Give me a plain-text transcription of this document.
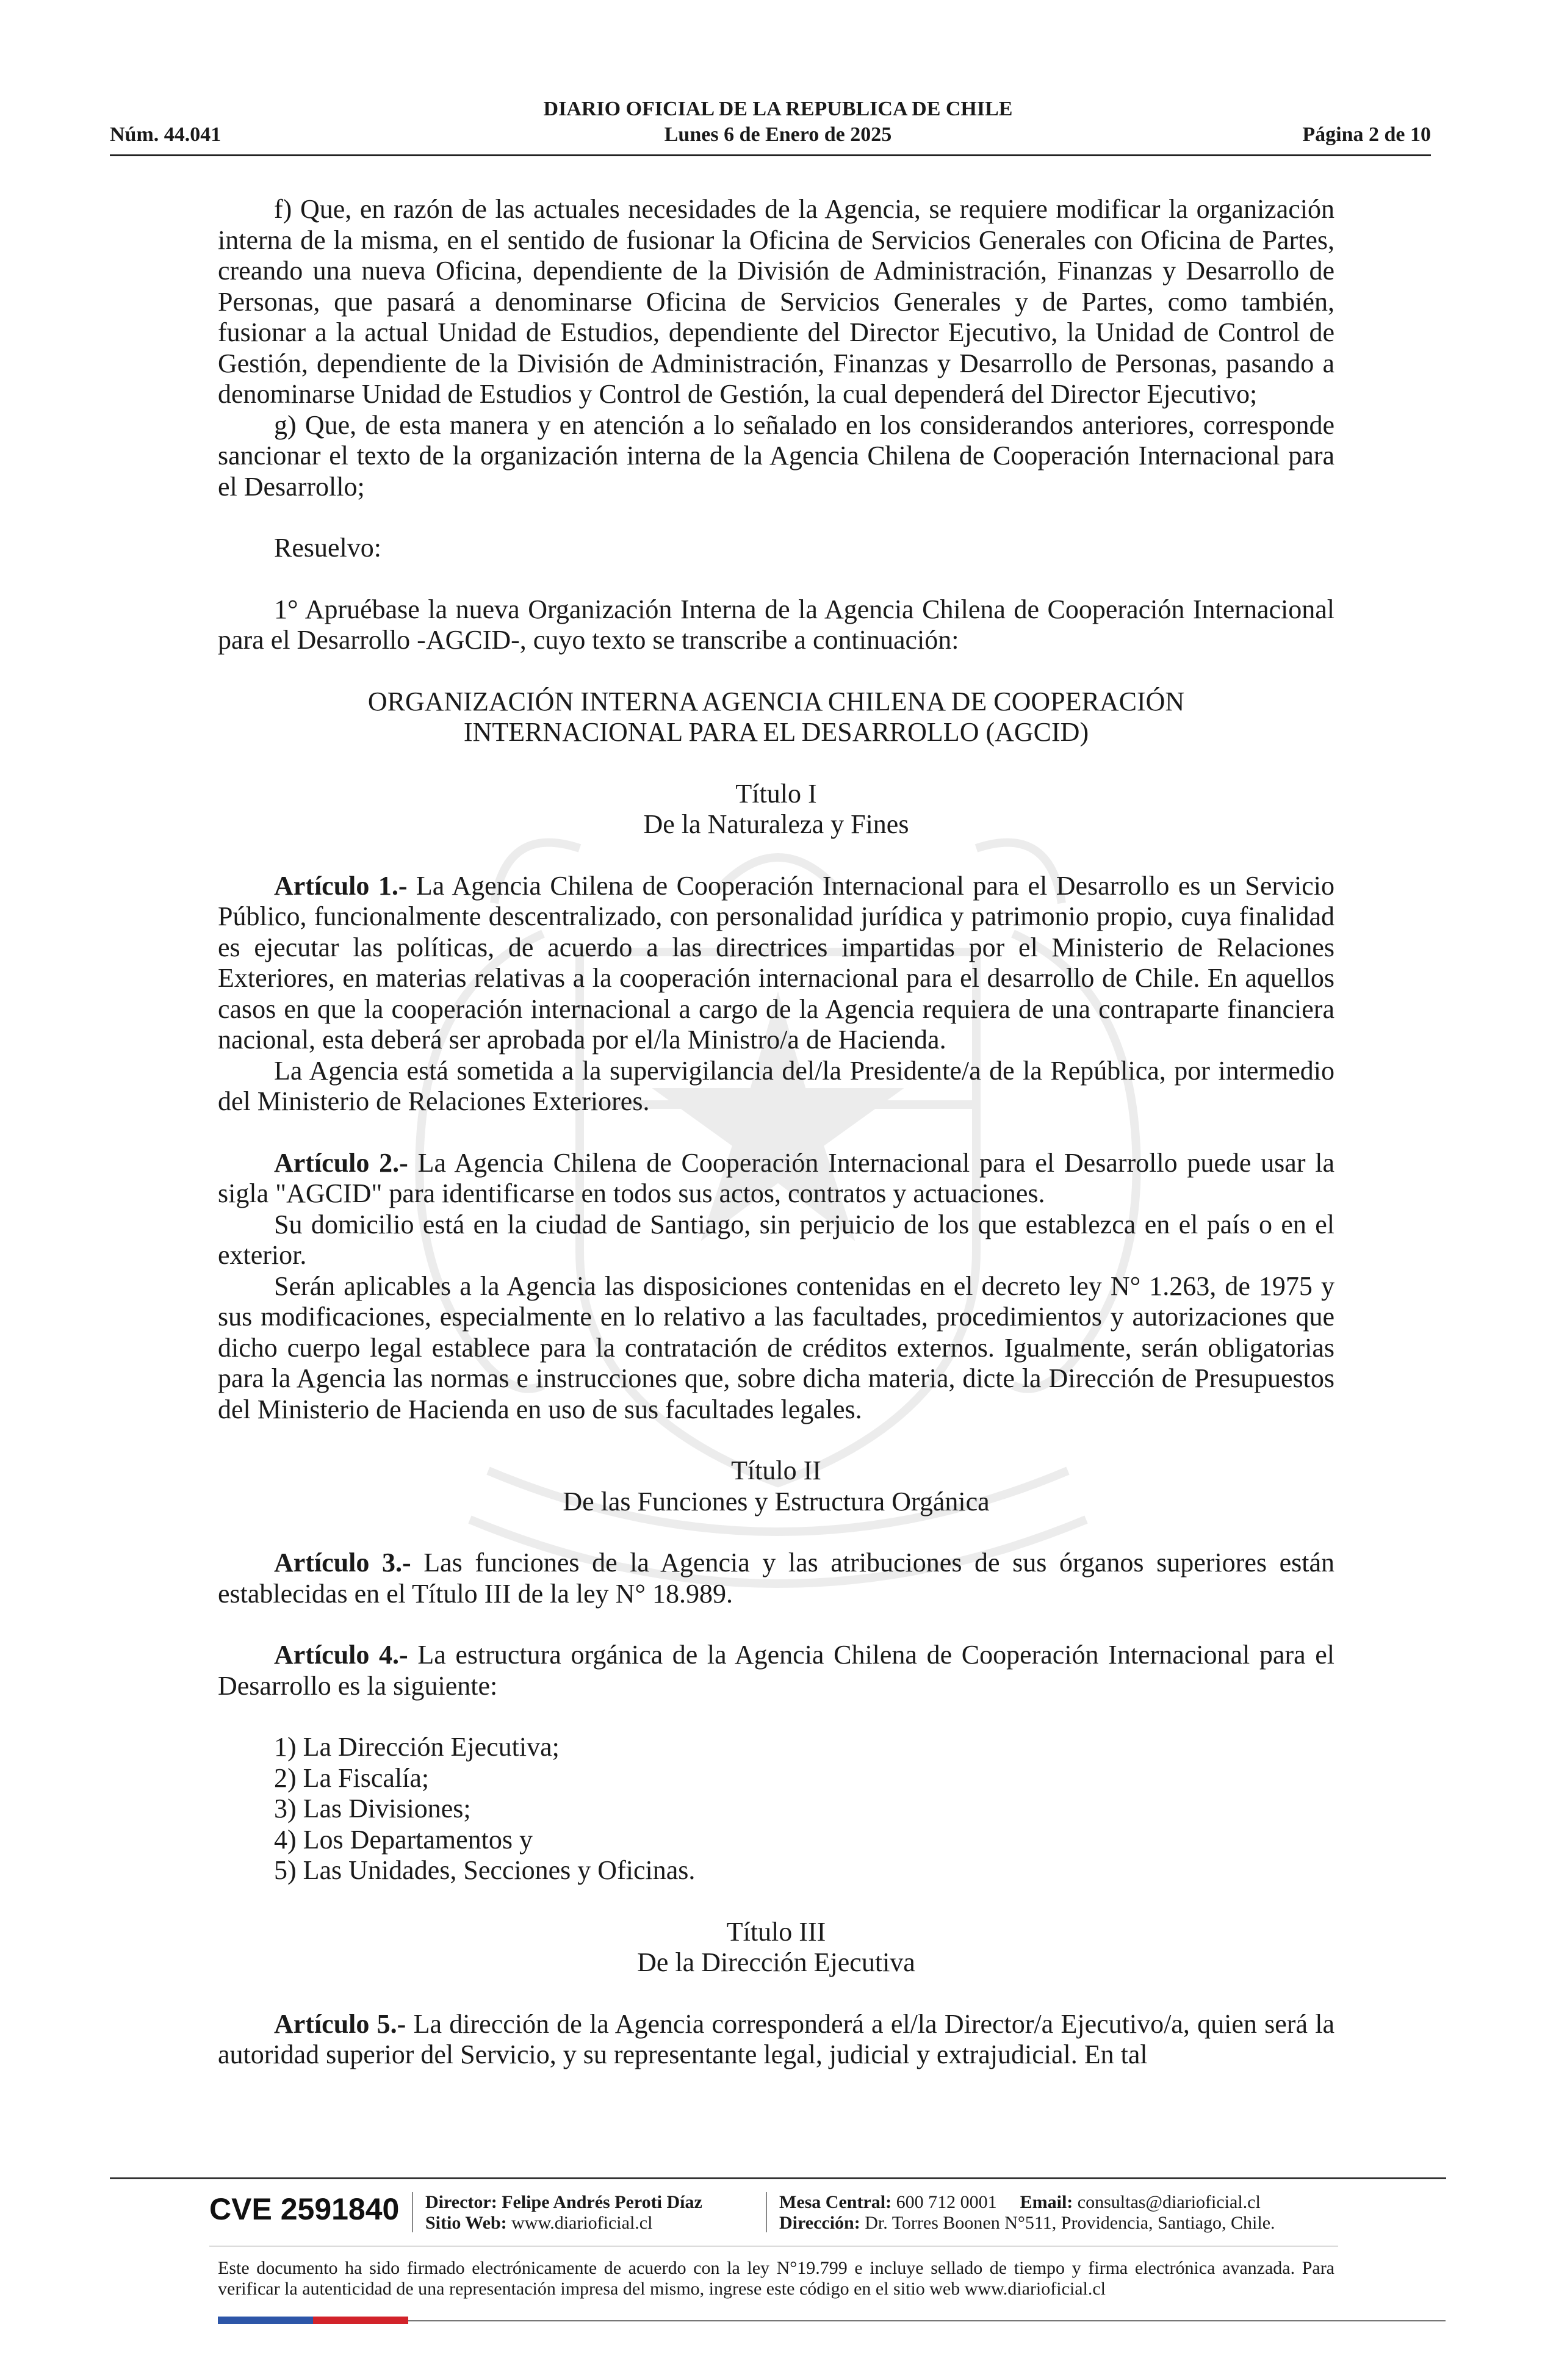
DIARIO OFICIAL DE LA REPUBLICA DE CHILE
Lunes 6 de Enero de 2025
Núm. 44.041	Página 2 de 10

f) Que, en razón de las actuales necesidades de la Agencia, se requiere modificar la organización interna de la misma, en el sentido de fusionar la Oficina de Servicios Generales con Oficina de Partes, creando una nueva Oficina, dependiente de la División de Administración, Finanzas y Desarrollo de Personas, que pasará a denominarse Oficina de Servicios Generales y de Partes, como también, fusionar a la actual Unidad de Estudios, dependiente del Director Ejecutivo, la Unidad de Control de Gestión, dependiente de la División de Administración, Finanzas y Desarrollo de Personas, pasando a denominarse Unidad de Estudios y Control de Gestión, la cual dependerá del Director Ejecutivo;

g) Que, de esta manera y en atención a lo señalado en los considerandos anteriores, corresponde sancionar el texto de la organización interna de la Agencia Chilena de Cooperación Internacional para el Desarrollo;

Resuelvo:

1° Apruébase la nueva Organización Interna de la Agencia Chilena de Cooperación Internacional para el Desarrollo -AGCID-, cuyo texto se transcribe a continuación:

ORGANIZACIÓN INTERNA AGENCIA CHILENA DE COOPERACIÓN

INTERNACIONAL PARA EL DESARROLLO (AGCID)

Título I

De la Naturaleza y Fines

Artículo 1.- La Agencia Chilena de Cooperación Internacional para el Desarrollo es un Servicio Público, funcionalmente descentralizado, con personalidad jurídica y patrimonio propio, cuya finalidad es ejecutar las políticas, de acuerdo a las directrices impartidas por el Ministerio de Relaciones Exteriores, en materias relativas a la cooperación internacional para el desarrollo de Chile. En aquellos casos en que la cooperación internacional a cargo de la Agencia requiera de una contraparte financiera nacional, esta deberá ser aprobada por el/la Ministro/a de Hacienda.

La Agencia está sometida a la supervigilancia del/la Presidente/a de la República, por intermedio del Ministerio de Relaciones Exteriores.

Artículo 2.- La Agencia Chilena de Cooperación Internacional para el Desarrollo puede usar la sigla "AGCID" para identificarse en todos sus actos, contratos y actuaciones.

Su domicilio está en la ciudad de Santiago, sin perjuicio de los que establezca en el país o en el exterior.

Serán aplicables a la Agencia las disposiciones contenidas en el decreto ley N° 1.263, de 1975 y sus modificaciones, especialmente en lo relativo a las facultades, procedimientos y autorizaciones que dicho cuerpo legal establece para la contratación de créditos externos. Igualmente, serán obligatorias para la Agencia las normas e instrucciones que, sobre dicha materia, dicte la Dirección de Presupuestos del Ministerio de Hacienda en uso de sus facultades legales.

Título II

De las Funciones y Estructura Orgánica

Artículo 3.- Las funciones de la Agencia y las atribuciones de sus órganos superiores están establecidas en el Título III de la ley N° 18.989.

Artículo 4.- La estructura orgánica de la Agencia Chilena de Cooperación Internacional para el Desarrollo es la siguiente:

1) La Dirección Ejecutiva;

2) La Fiscalía;

3) Las Divisiones;

4) Los Departamentos y

5) Las Unidades, Secciones y Oficinas.

Título III

De la Dirección Ejecutiva

Artículo 5.- La dirección de la Agencia corresponderá a el/la Director/a Ejecutivo/a, quien será la autoridad superior del Servicio, y su representante legal, judicial y extrajudicial. En tal

CVE 2591840 Director: Felipe Andrés Peroti Díaz
Sitio Web: www.diarioficial.cl
Mesa Central: 600 712 0001 Email: consultas@diarioficial.cl
Dirección: Dr. Torres Boonen N°511, Providencia, Santiago, Chile.
Este documento ha sido firmado electrónicamente de acuerdo con la ley N°19.799 e incluye sellado de tiempo y firma electrónica avanzada. Para verificar la autenticidad de una representación impresa del mismo, ingrese este código en el sitio web www.diarioficial.cl
